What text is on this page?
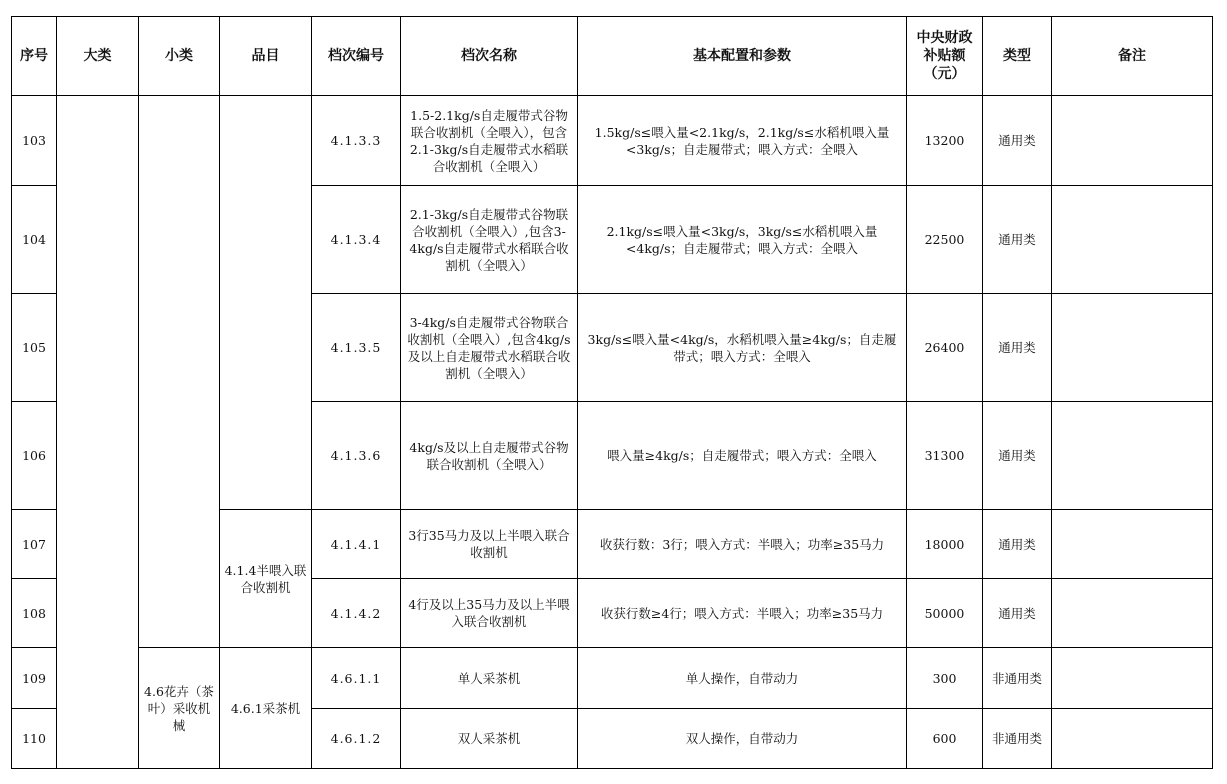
序号	大类	小类	品目	档次编号	档次名称	基本配置和参数	中央财政补贴额（元）	类型	备注
103				4.1.3.3	1.5-2.1kg/s自走履带式谷物联合收割机（全喂入），包含2.1-3kg/s自走履带式水稻联合收割机（全喂入）	1.5kg/s≤喂入量<2.1kg/s，2.1kg/s≤水稻机喂入量<3kg/s；自走履带式；喂入方式：全喂入	13200	通用类	
104				4.1.3.4	2.1-3kg/s自走履带式谷物联合收割机（全喂入）,包含3-4kg/s自走履带式水稻联合收割机（全喂入）	2.1kg/s≤喂入量<3kg/s，3kg/s≤水稻机喂入量<4kg/s；自走履带式；喂入方式：全喂入	22500	通用类	
105				4.1.3.5	3-4kg/s自走履带式谷物联合收割机（全喂入）,包含4kg/s及以上自走履带式水稻联合收割机（全喂入）	3kg/s≤喂入量<4kg/s，水稻机喂入量≥4kg/s；自走履带式；喂入方式：全喂入	26400	通用类	
106				4.1.3.6	4kg/s及以上自走履带式谷物联合收割机（全喂入）	喂入量≥4kg/s；自走履带式；喂入方式：全喂入	31300	通用类	
107			4.1.4半喂入联合收割机	4.1.4.1	3行35马力及以上半喂入联合收割机	收获行数：3行；喂入方式：半喂入；功率≥35马力	18000	通用类	
108				4.1.4.2	4行及以上35马力及以上半喂入联合收割机	收获行数≥4行；喂入方式：半喂入；功率≥35马力	50000	通用类	
109		4.6花卉（茶叶）采收机械	4.6.1采茶机	4.6.1.1	单人采茶机	单人操作，自带动力	300	非通用类	
110				4.6.1.2	双人采茶机	双人操作，自带动力	600	非通用类	
